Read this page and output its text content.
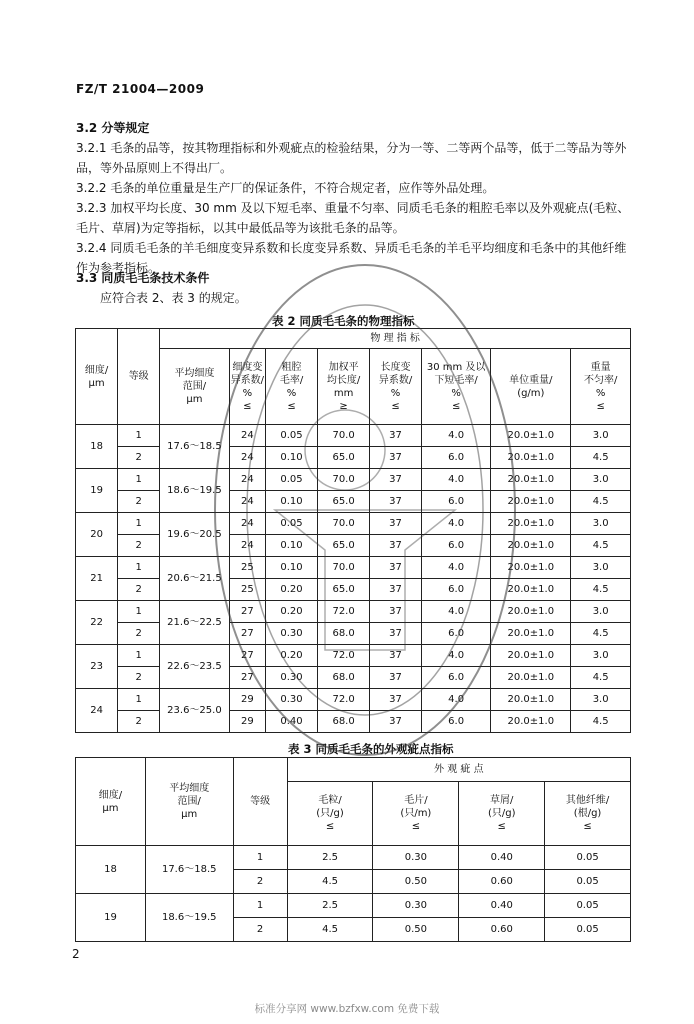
FZ/T 21004—2009
3.2 分等规定
3.2.1 毛条的品等，按其物理指标和外观疵点的检验结果，分为一等、二等两个品等，低于二等品为等外品，等外品原则上不得出厂。
3.2.2 毛条的单位重量是生产厂的保证条件，不符合规定者，应作等外品处理。
3.2.3 加权平均长度、30 mm 及以下短毛率、重量不匀率、同质毛毛条的粗腔毛率以及外观疵点(毛粒、毛片、草屑)为定等指标，以其中最低品等为该批毛条的品等。
3.2.4 同质毛毛条的羊毛细度变异系数和长度变异系数、异质毛毛条的羊毛平均细度和毛条中的其他纤维作为参考指标。
3.3 同质毛毛条技术条件
应符合表 2、表 3 的规定。
表 2 同质毛毛条的物理指标
细度/
μm	等级	物 理 指 标							

		平均细度
范围/
μm	细度变
异系数/
%
≤	粗腔
毛率/
%
≤	加权平
均长度/
mm
≥	长度变
异系数/
%
≤	30 mm 及以
下短毛率/
%
≤	单位重量/
(g/m)	重量
不匀率/
%
≤

18	1	17.6～18.5	24	0.05	70.0	37	4.0	20.0±1.0	3.0
	2		24	0.10	65.0	37	6.0	20.0±1.0	4.5
19	1	18.6～19.5	24	0.05	70.0	37	4.0	20.0±1.0	3.0
	2		24	0.10	65.0	37	6.0	20.0±1.0	4.5
20	1	19.6～20.5	24	0.05	70.0	37	4.0	20.0±1.0	3.0
	2		24	0.10	65.0	37	6.0	20.0±1.0	4.5
21	1	20.6～21.5	25	0.10	70.0	37	4.0	20.0±1.0	3.0
	2		25	0.20	65.0	37	6.0	20.0±1.0	4.5
22	1	21.6～22.5	27	0.20	72.0	37	4.0	20.0±1.0	3.0
	2		27	0.30	68.0	37	6.0	20.0±1.0	4.5
23	1	22.6～23.5	27	0.20	72.0	37	4.0	20.0±1.0	3.0
	2		27	0.30	68.0	37	6.0	20.0±1.0	4.5
24	1	23.6～25.0	29	0.30	72.0	37	4.0	20.0±1.0	3.0
	2		29	0.40	68.0	37	6.0	20.0±1.0	4.5
表 3 同质毛毛条的外观疵点指标
细度/
μm	平均细度
范围/
μm	等级	外 观 疵 点			

			毛粒/
(只/g)
≤	毛片/
(只/m)
≤	草屑/
(只/g)
≤	其他纤维/
(根/g)
≤

18	17.6～18.5	1	2.5	0.30	0.40	0.05
		2	4.5	0.50	0.60	0.05
19	18.6～19.5	1	2.5	0.30	0.40	0.05
		2	4.5	0.50	0.60	0.05
2
标准分享网 www.bzfxw.com 免费下载
